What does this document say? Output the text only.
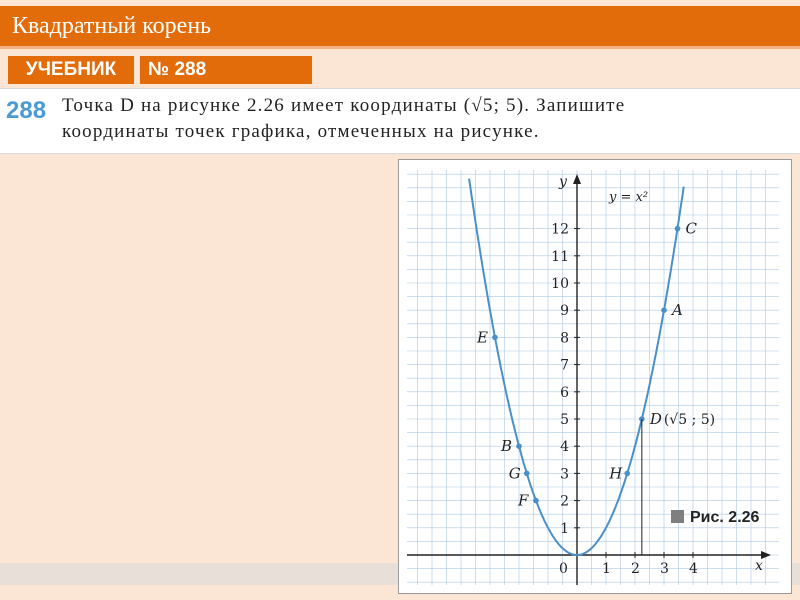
Квадратный корень
УЧЕБНИК	№ 288
288 Точка D на рисунке 2.26 имеет координаты (√5; 5). Запишите
координаты точек графика, отмеченных на рисунке.
x
y
0 1 2 3 4
1
2
3
4
5
6
7
8
9
10
11
12
y = x²
C
A
D
H
E
B
G
F
(√5 ; 5)
Рис. 2.26
